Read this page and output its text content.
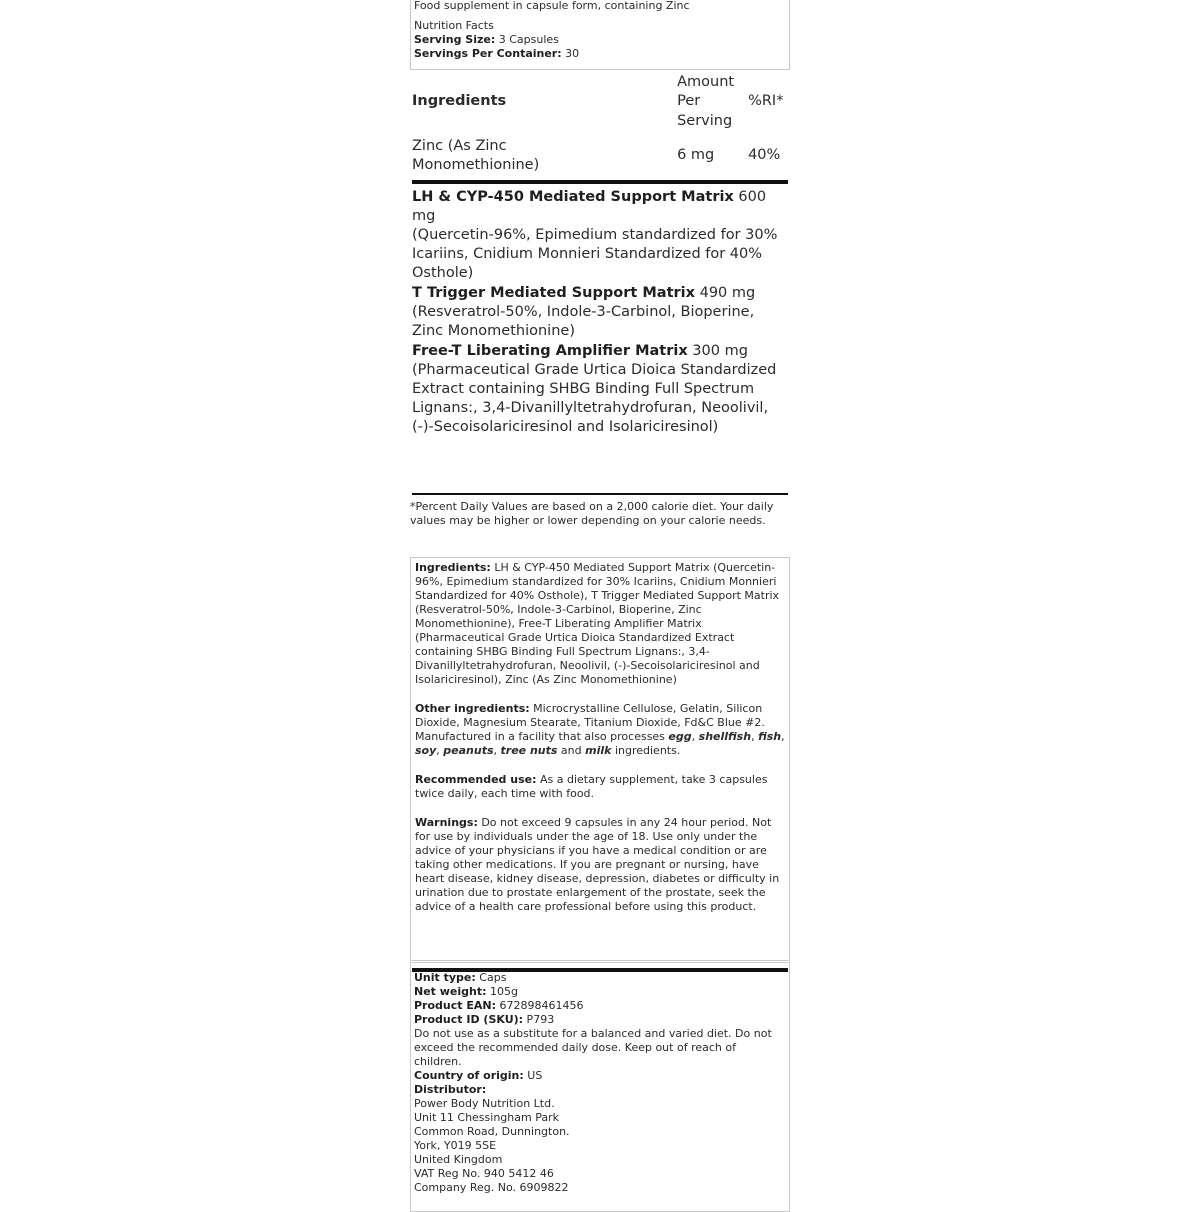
Food supplement in capsule form, containing Zinc
Nutrition Facts
Serving Size: 3 Capsules
Servings Per Container: 30
Ingredients	Amount Per Serving	%RI*
Zinc (As Zinc Monomethionine)	6 mg	40%

LH & CYP-450 Mediated Support Matrix 600 mg
(Quercetin-96%, Epimedium standardized for 30% Icariins, Cnidium Monnieri Standardized for 40% Osthole)

T Trigger Mediated Support Matrix 490 mg
(Resveratrol-50%, Indole-3-Carbinol, Bioperine, Zinc Monomethionine)

Free-T Liberating Amplifier Matrix 300 mg
(Pharmaceutical Grade Urtica Dioica Standardized Extract containing SHBG Binding Full Spectrum Lignans:, 3,4-Divanillyltetrahydrofuran, Neoolivil, (-)-Secoisolariciresinol and Isolariciresinol)

*Percent Daily Values are based on a 2,000 calorie diet. Your daily values may be higher or lower depending on your calorie needs.

Ingredients: LH & CYP-450 Mediated Support Matrix (Quercetin-96%, Epimedium standardized for 30% Icariins, Cnidium Monnieri Standardized for 40% Osthole), T Trigger Mediated Support Matrix (Resveratrol-50%, Indole-3-Carbinol, Bioperine, Zinc Monomethionine), Free-T Liberating Amplifier Matrix (Pharmaceutical Grade Urtica Dioica Standardized Extract containing SHBG Binding Full Spectrum Lignans:, 3,4-Divanillyltetrahydrofuran, Neoolivil, (-)-Secoisolariciresinol and Isolariciresinol), Zinc (As Zinc Monomethionine)

Other ingredients: Microcrystalline Cellulose, Gelatin, Silicon Dioxide, Magnesium Stearate, Titanium Dioxide, Fd&C Blue #2. Manufactured in a facility that also processes egg, shellfish, fish, soy, peanuts, tree nuts and milk ingredients.

Recommended use: As a dietary supplement, take 3 capsules twice daily, each time with food.

Warnings: Do not exceed 9 capsules in any 24 hour period. Not for use by individuals under the age of 18. Use only under the advice of your physicians if you have a medical condition or are taking other medications. If you are pregnant or nursing, have heart disease, kidney disease, depression, diabetes or difficulty in urination due to prostate enlargement of the prostate, seek the advice of a health care professional before using this product.

Unit type: Caps
Net weight: 105g
Product EAN: 672898461456
Product ID (SKU): P793
Do not use as a substitute for a balanced and varied diet. Do not exceed the recommended daily dose. Keep out of reach of children.
Country of origin: US
Distributor:
Power Body Nutrition Ltd.
Unit 11 Chessingham Park
Common Road, Dunnington.
York, Y019 5SE
United Kingdom
VAT Reg No. 940 5412 46
Company Reg. No. 6909822
